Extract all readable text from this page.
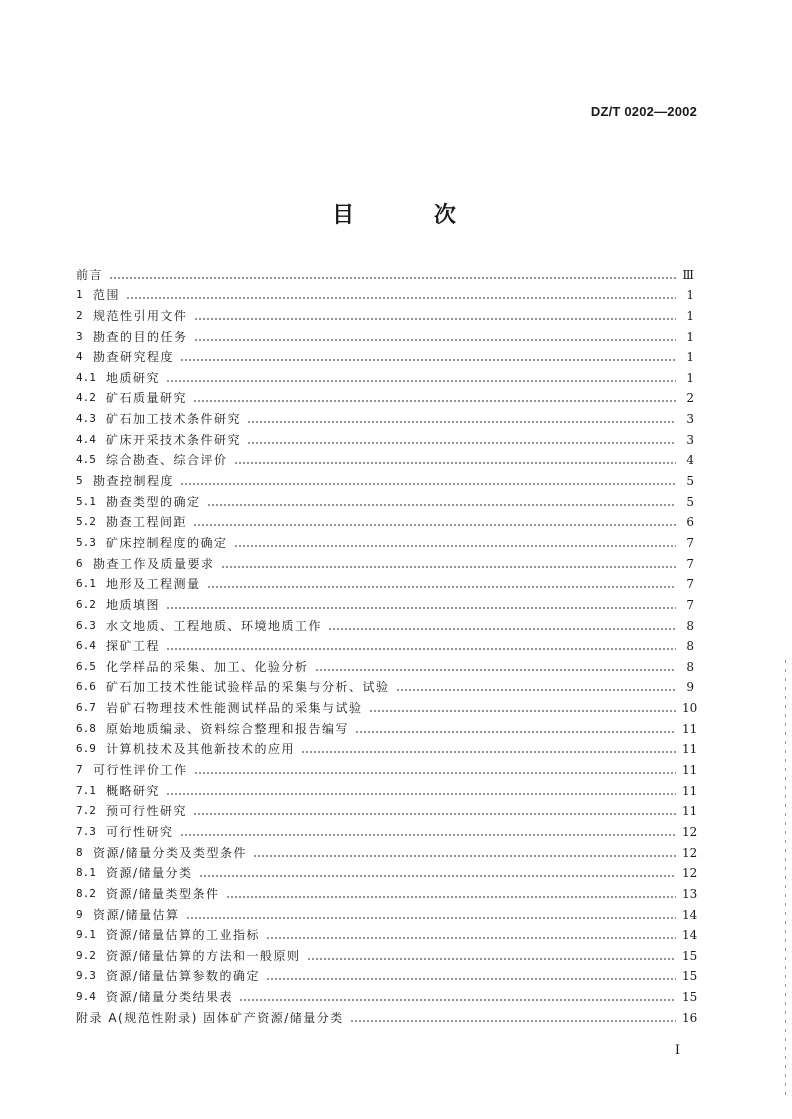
DZ/T 0202—2002
目 次
前言	Ⅲ
1 范围	1
2 规范性引用文件	1
3 勘查的目的任务	1
4 勘查研究程度	1
4.1 地质研究	1
4.2 矿石质量研究	2
4.3 矿石加工技术条件研究	3
4.4 矿床开采技术条件研究	3
4.5 综合勘查、综合评价	4
5 勘查控制程度	5
5.1 勘查类型的确定	5
5.2 勘查工程间距	6
5.3 矿床控制程度的确定	7
6 勘查工作及质量要求	7
6.1 地形及工程测量	7
6.2 地质填图	7
6.3 水文地质、工程地质、环境地质工作	8
6.4 探矿工程	8
6.5 化学样品的采集、加工、化验分析	8
6.6 矿石加工技术性能试验样品的采集与分析、试验	9
6.7 岩矿石物理技术性能测试样品的采集与试验	10
6.8 原始地质编录、资料综合整理和报告编写	11
6.9 计算机技术及其他新技术的应用	11
7 可行性评价工作	11
7.1 概略研究	11
7.2 预可行性研究	11
7.3 可行性研究	12
8 资源/储量分类及类型条件	12
8.1 资源/储量分类	12
8.2 资源/储量类型条件	13
9 资源/储量估算	14
9.1 资源/储量估算的工业指标	14
9.2 资源/储量估算的方法和一般原则	15
9.3 资源/储量估算参数的确定	15
9.4 资源/储量分类结果表	15
附录 A(规范性附录) 固体矿产资源/储量分类	16
I
